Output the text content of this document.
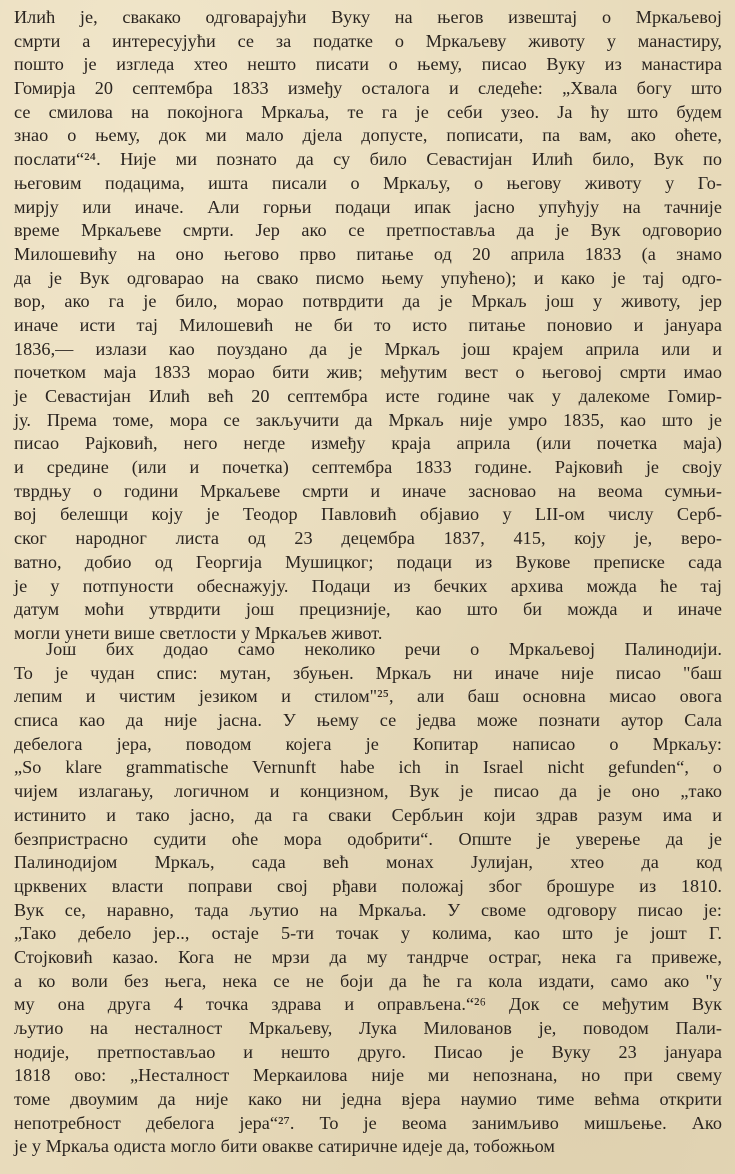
Илић је, свакако одговарајући Вуку на његов извештај о Мркаљевој
смрти а интересујући се за податке о Мркаљеву животу у манастиру,
пошто је изгледа хтео нешто писати о њему, писао Вуку из манастира
Гомирја 20 септембра 1833 између осталога и следеће: „Хвала богу што
се смилова на покојнога Мркаља, те га је себи узео. Ја ћу што будем
знао о њему, док ми мало дјела допусте, пописати, па вам, ако оћете,
послати“²⁴. Није ми познато да су било Севастијан Илић било, Вук по
његовим подацима, ишта писали о Мркаљу, о његову животу у Го-
мирју или иначе. Али горњи подаци ипак јасно упућују на тачније
време Мркаљеве смрти. Јер ако се претпоставља да је Вук одговорио
Милошевићу на оно његово прво питање од 20 априла 1833 (а знамо
да је Вук одговарао на свако писмо њему упућено); и како је тај одго-
вор, ако га је било, морао потврдити да је Мркаљ још у животу, јер
иначе исти тај Милошевић не би то исто питање поновио и јануара
1836,— излази као поуздано да је Мркаљ још крајем априла или и
почетком маја 1833 морао бити жив; међутим вест о његовој смрти имао
је Севастијан Илић већ 20 септембра исте године чак у далекоме Гомир-
ју. Према томе, мора се закључити да Мркаљ није умро 1835, као што је
писао Рајковић, него негде између краја априла (или почетка маја)
и средине (или и почетка) септембра 1833 године. Рајковић је своју
тврдњу о години Мркаљеве смрти и иначе засновао на веома сумњи-
вој белешци коју је Теодор Павловић објавио у LII-ом числу Серб-
ског народног листа од 23 децембра 1837, 415, коју је, веро-
ватно, добио од Георгија Мушицког; подаци из Вукове преписке сада
је у потпуности обеснажују. Подаци из бечких архива можда ће тај
датум моћи утврдити још прецизније, као што би можда и иначе
могли унети више светлости у Мркаљев живот.
Још бих додао само неколико речи о Мркаљевој Палинодији.
То је чудан спис: мутан, збуњен. Мркаљ ни иначе није писао "баш
лепим и чистим језиком и стилом"²⁵, али баш основна мисао овога
списа као да није јасна. У њему се једва може познати аутор Сала
дебелога јера, поводом којега је Копитар написао о Мркаљу:
„So klare grammatische Vernunft habe ich in Israel nicht gefunden“, о
чијем излагању, логичном и концизном, Вук је писао да је оно „тако
истинито и тако јасно, да га сваки Сербљин који здрав разум има и
безпристрасно судити оће мора одобрити“. Опште је уверење да је
Палинодијом Мркаљ, сада већ монах Јулијан, хтео да код
црквених власти поправи свој рђави положај због брошуре из 1810.
Вук се, наравно, тада љутио на Мркаља. У своме одговору писао је:
„Тако дебело јер.., остаје 5-ти точак у колима, као што је јошт Г.
Стојковић казао. Кога не мрзи да му тандрче остраг, нека га привеже,
а ко воли без њега, нека се не боји да ће га кола издати, само ако "у
му она друга 4 точка здрава и оправљена.“²⁶ Док се међутим Вук
љутио на несталност Мркаљеву, Лука Милованов је, поводом Пали-
нодије, претпостављао и нешто друго. Писао је Вуку 23 јануара
1818 ово: „Несталност Меркаилова није ми непознана, но при свему
томе двоумим да није како ни једна вјера наумио тиме већма открити
непотребност дебелога јера“²⁷. То је веома занимљиво мишљење. Ако
је у Мркаља одиста могло бити овакве сатиричне идеје да, тобожњом
